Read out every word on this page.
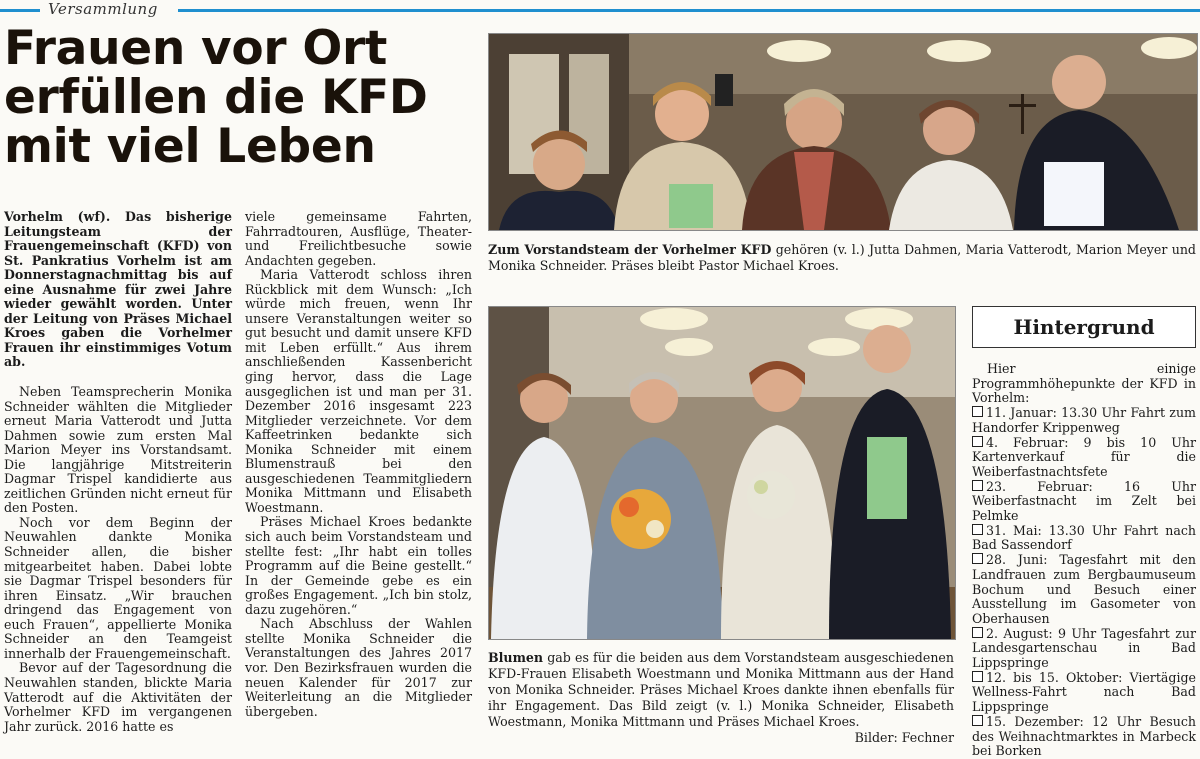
Versammlung
Frauen vor Ort erfüllen die KFD mit viel Leben

Vorhelm (wf). Das bisherige Leitungsteam der Frauengemeinschaft (KFD) von St. Pankratius Vorhelm ist am Donnerstagnachmittag bis auf eine Ausnahme für zwei Jahre wieder gewählt worden. Unter der Leitung von Präses Michael Kroes gaben die Vorhelmer Frauen ihr einstimmiges Votum ab.

Neben Teamsprecherin Monika Schneider wählten die Mitglieder erneut Maria Vatterodt und Jutta Dahmen sowie zum ersten Mal Marion Meyer ins Vorstandsamt. Die langjährige Mitstreiterin Dagmar Trispel kandidierte aus zeitlichen Gründen nicht erneut für den Posten.

Noch vor dem Beginn der Neuwahlen dankte Monika Schneider allen, die bisher mitgearbeitet haben. Dabei lobte sie Dagmar Trispel besonders für ihren Einsatz. „Wir brauchen dringend das Engagement von euch Frauen“, appellierte Monika Schneider an den Teamgeist innerhalb der Frauengemeinschaft.

Bevor auf der Tagesordnung die Neuwahlen standen, blickte Maria Vatterodt auf die Aktivitäten der Vorhelmer KFD im vergangenen Jahr zurück. 2016 hatte es

viele gemeinsame Fahrten, Fahrradtouren, Ausflüge, Theater- und Freilichtbesuche sowie Andachten gegeben.

Maria Vatterodt schloss ihren Rückblick mit dem Wunsch: „Ich würde mich freuen, wenn Ihr unsere Veranstaltungen weiter so gut besucht und damit unsere KFD mit Leben erfüllt.“ Aus ihrem anschließenden Kassenbericht ging hervor, dass die Lage ausgeglichen ist und man per 31. Dezember 2016 insgesamt 223 Mitglieder verzeichnete. Vor dem Kaffeetrinken bedankte sich Monika Schneider mit einem Blumenstrauß bei den ausgeschiedenen Teammitgliedern Monika Mittmann und Elisabeth Woestmann.

Präses Michael Kroes bedankte sich auch beim Vorstandsteam und stellte fest: „Ihr habt ein tolles Programm auf die Beine gestellt.“ In der Gemeinde gebe es ein großes Engagement. „Ich bin stolz, dazu zugehören.“

Nach Abschluss der Wahlen stellte Monika Schneider die Veranstaltungen des Jahres 2017 vor. Den Bezirksfrauen wurden die neuen Kalender für 2017 zur Weiterleitung an die Mitglieder übergeben.

Zum Vorstandsteam der Vorhelmer KFD gehören (v. l.) Jutta Dahmen, Maria Vatterodt, Marion Meyer und Monika Schneider. Präses bleibt Pastor Michael Kroes.
Blumen gab es für die beiden aus dem Vorstandsteam ausgeschiedenen KFD-Frauen Elisabeth Woestmann und Monika Mittmann aus der Hand von Monika Schneider. Präses Michael Kroes dankte ihnen ebenfalls für ihr Engagement. Das Bild zeigt (v. l.) Monika Schneider, Elisabeth Woestmann, Monika Mittmann und Präses Michael Kroes.
Bilder: Fechner
Hintergrund

Hier einige Programmhöhepunkte der KFD in Vorhelm:

11. Januar: 13.30 Uhr Fahrt zum Handorfer Krippenweg

4. Februar: 9 bis 10 Uhr Kartenverkauf für die Weiberfastnachtsfete

23. Februar: 16 Uhr Weiberfastnacht im Zelt bei Pelmke

31. Mai: 13.30 Uhr Fahrt nach Bad Sassendorf

28. Juni: Tagesfahrt mit den Landfrauen zum Bergbaumuseum Bochum und Besuch einer Ausstellung im Gasometer von Oberhausen

2. August: 9 Uhr Tagesfahrt zur Landesgartenschau in Bad Lippspringe

12. bis 15. Oktober: Viertägige Wellness-Fahrt nach Bad Lippspringe

15. Dezember: 12 Uhr Besuch des Weihnachtmarktes in Marbeck bei Borken
